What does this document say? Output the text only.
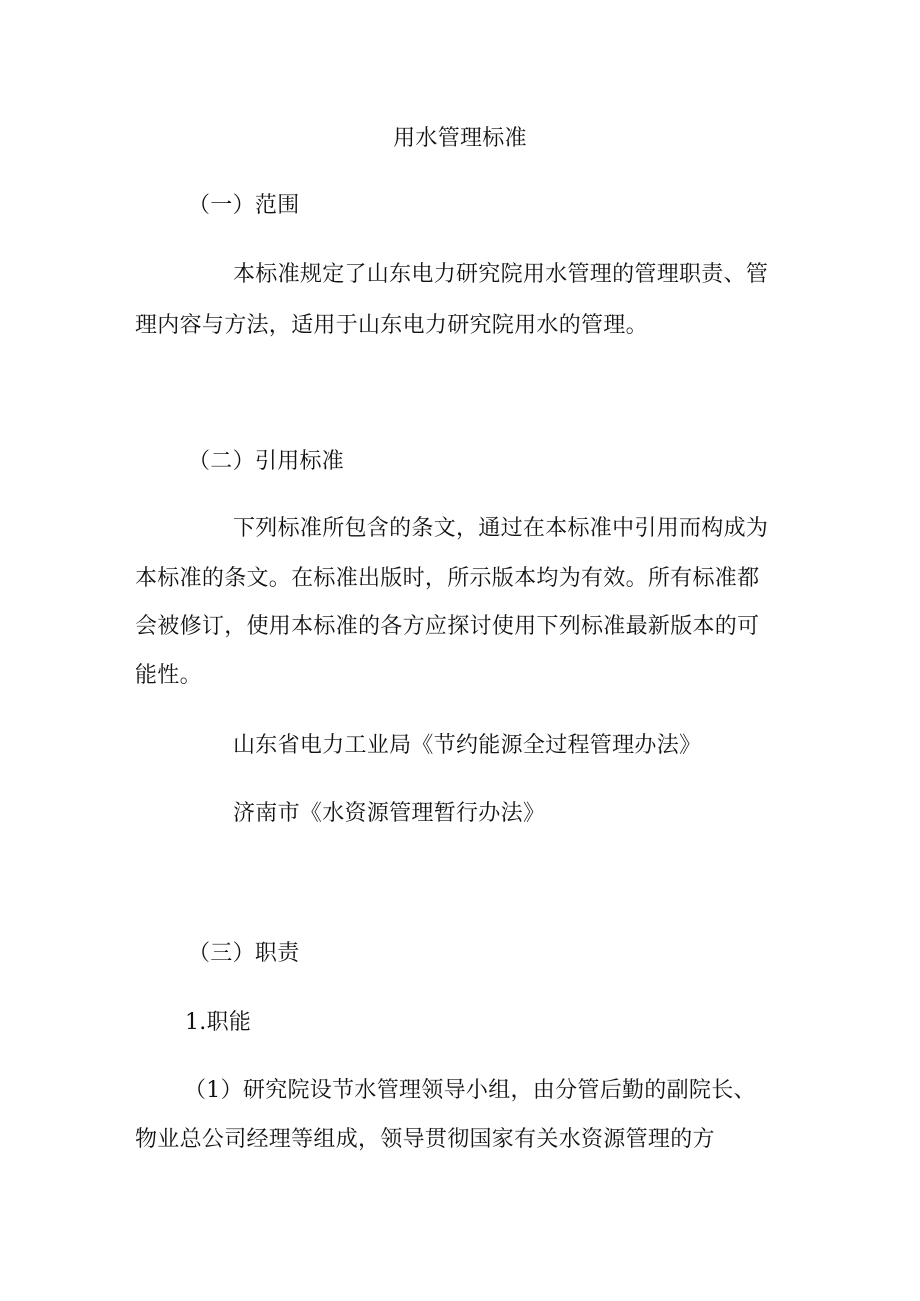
用水管理标准
（一）范围
本标准规定了山东电力研究院用水管理的管理职责、管
理内容与方法，适用于山东电力研究院用水的管理。
（二）引用标准
下列标准所包含的条文，通过在本标准中引用而构成为
本标准的条文。在标准出版时，所示版本均为有效。所有标准都
会被修订，使用本标准的各方应探讨使用下列标准最新版本的可
能性。
山东省电力工业局《节约能源全过程管理办法》
济南市《水资源管理暂行办法》
（三）职责
1.职能
（1）研究院设节水管理领导小组，由分管后勤的副院长、
物业总公司经理等组成，领导贯彻国家有关水资源管理的方
